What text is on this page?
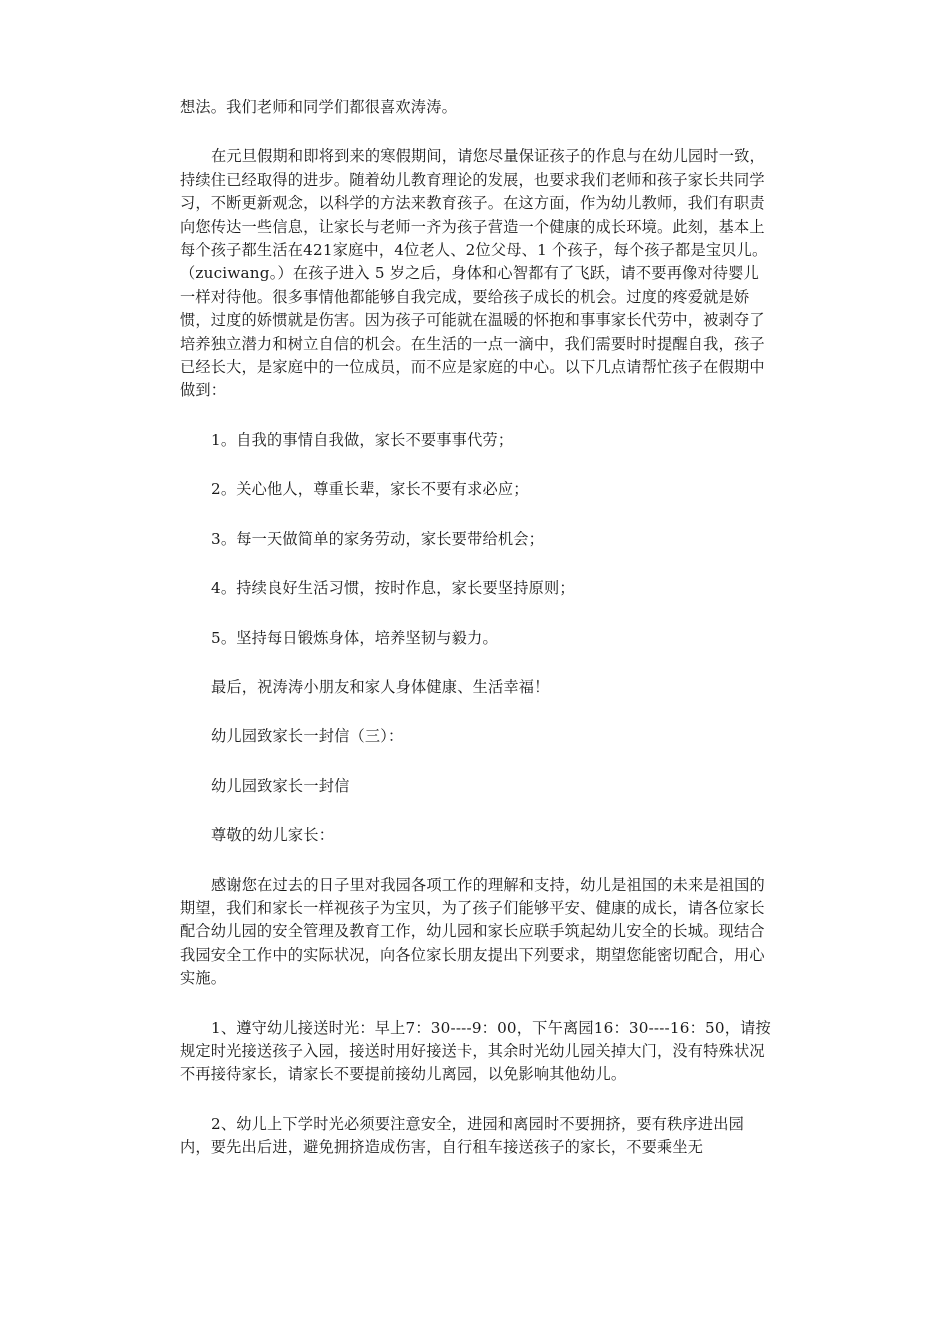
想法。我们老师和同学们都很喜欢涛涛。

在元旦假期和即将到来的寒假期间，请您尽量保证孩子的作息与在幼儿园时一致，持续住已经取得的进步。随着幼儿教育理论的发展，也要求我们老师和孩子家长共同学习，不断更新观念，以科学的方法来教育孩子。在这方面，作为幼儿教师，我们有职责向您传达一些信息，让家长与老师一齐为孩子营造一个健康的成长环境。此刻，基本上每个孩子都生活在421家庭中，4位老人、2位父母、1 个孩子，每个孩子都是宝贝儿。（zuciwang。）在孩子进入 5 岁之后，身体和心智都有了飞跃，请不要再像对待婴儿一样对待他。很多事情他都能够自我完成，要给孩子成长的机会。过度的疼爱就是娇惯，过度的娇惯就是伤害。因为孩子可能就在温暖的怀抱和事事家长代劳中，被剥夺了培养独立潜力和树立自信的机会。在生活的一点一滴中，我们需要时时提醒自我，孩子已经长大，是家庭中的一位成员，而不应是家庭的中心。以下几点请帮忙孩子在假期中做到：

1。自我的事情自我做，家长不要事事代劳；

2。关心他人，尊重长辈，家长不要有求必应；

3。每一天做简单的家务劳动，家长要带给机会；

4。持续良好生活习惯，按时作息，家长要坚持原则；

5。坚持每日锻炼身体，培养坚韧与毅力。

最后，祝涛涛小朋友和家人身体健康、生活幸福！

幼儿园致家长一封信（三）：

幼儿园致家长一封信

尊敬的幼儿家长：

感谢您在过去的日子里对我园各项工作的理解和支持，幼儿是祖国的未来是祖国的期望，我们和家长一样视孩子为宝贝，为了孩子们能够平安、健康的成长，请各位家长配合幼儿园的安全管理及教育工作，幼儿园和家长应联手筑起幼儿安全的长城。现结合我园安全工作中的实际状况，向各位家长朋友提出下列要求，期望您能密切配合，用心实施。

1、遵守幼儿接送时光：早上7：30----9：00，下午离园16：30----16：50，请按规定时光接送孩子入园，接送时用好接送卡，其余时光幼儿园关掉大门，没有特殊状况不再接待家长，请家长不要提前接幼儿离园，以免影响其他幼儿。

2、幼儿上下学时光必须要注意安全，进园和离园时不要拥挤，要有秩序进出园内，要先出后进，避免拥挤造成伤害，自行租车接送孩子的家长，不要乘坐无
